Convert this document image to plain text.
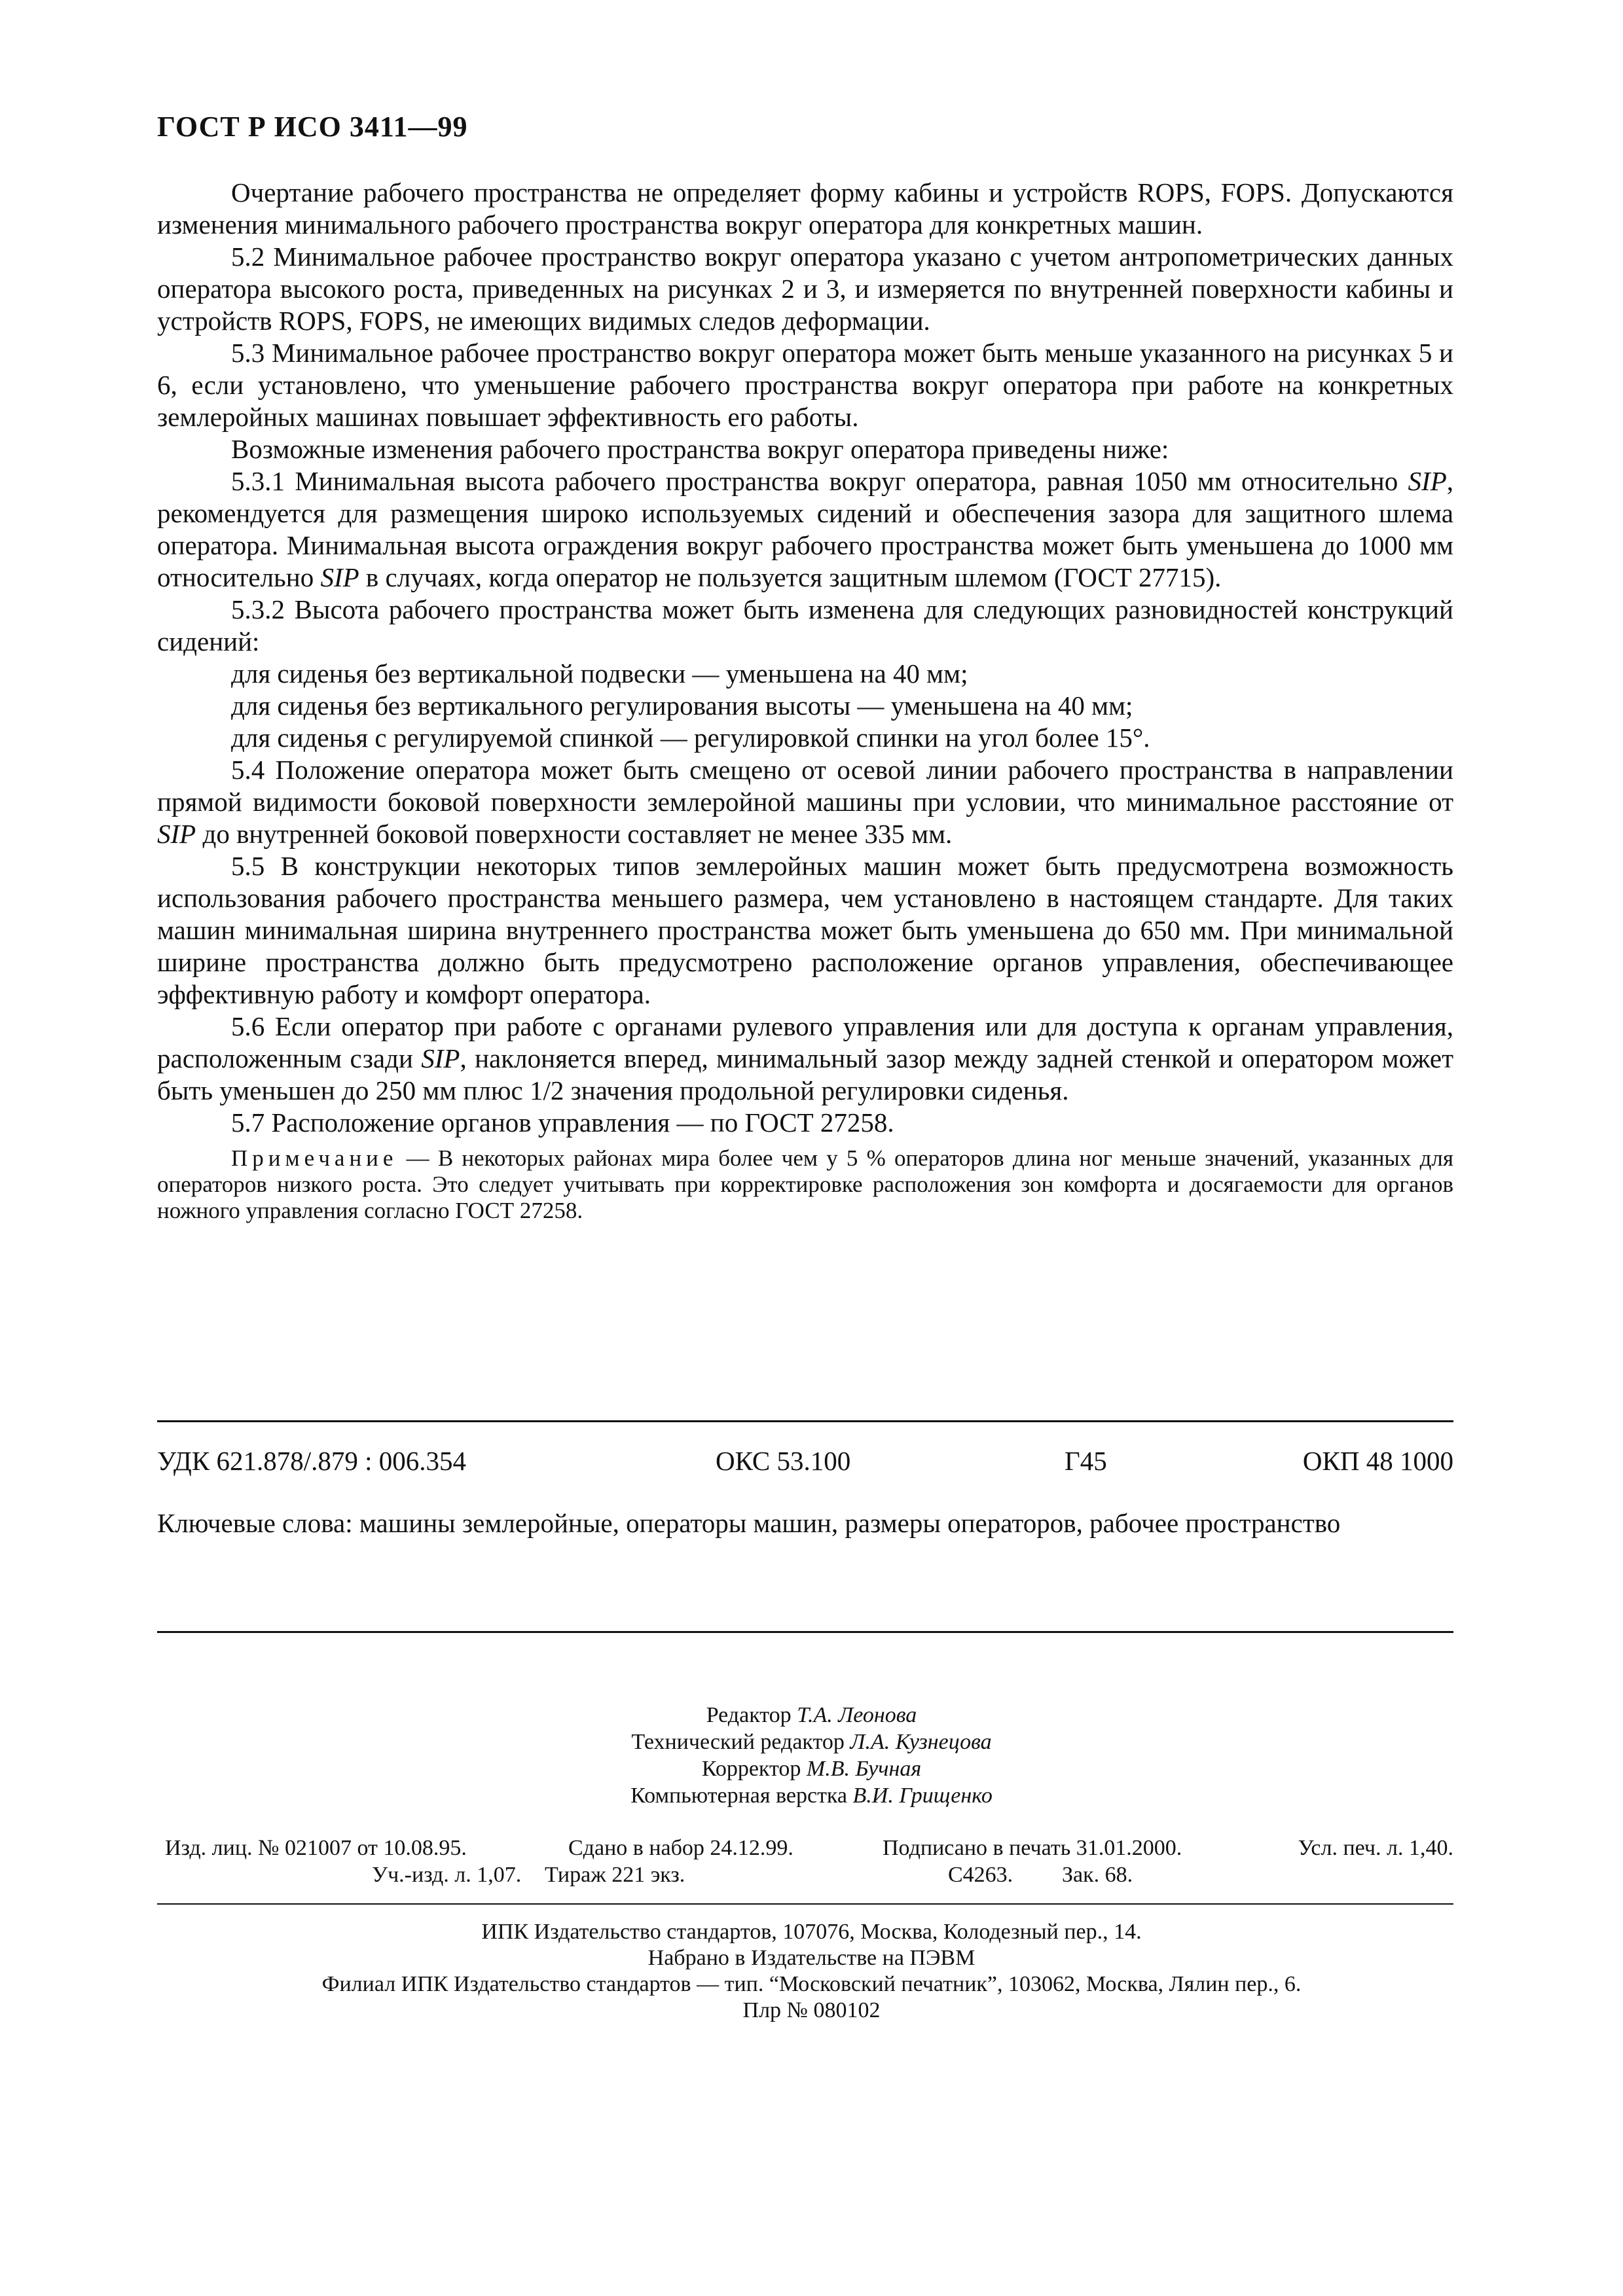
ГОСТ Р ИСО 3411—99

Очертание рабочего пространства не определяет форму кабины и устройств ROPS, FOPS. Допускаются изменения минимального рабочего пространства вокруг оператора для конкретных машин.

5.2 Минимальное рабочее пространство вокруг оператора указано с учетом антропометрических данных оператора высокого роста, приведенных на рисунках 2 и 3, и измеряется по внутренней поверхности кабины и устройств ROPS, FOPS, не имеющих видимых следов деформации.

5.3 Минимальное рабочее пространство вокруг оператора может быть меньше указанного на рисунках 5 и 6, если установлено, что уменьшение рабочего пространства вокруг оператора при работе на конкретных землеройных машинах повышает эффективность его работы.

Возможные изменения рабочего пространства вокруг оператора приведены ниже:

5.3.1 Минимальная высота рабочего пространства вокруг оператора, равная 1050 мм относительно SIP, рекомендуется для размещения широко используемых сидений и обеспечения зазора для защитного шлема оператора. Минимальная высота ограждения вокруг рабочего пространства может быть уменьшена до 1000 мм относительно SIP в случаях, когда оператор не пользуется защитным шлемом (ГОСТ 27715).

5.3.2 Высота рабочего пространства может быть изменена для следующих разновидностей конструкций сидений:

для сиденья без вертикальной подвески — уменьшена на 40 мм;

для сиденья без вертикального регулирования высоты — уменьшена на 40 мм;

для сиденья с регулируемой спинкой — регулировкой спинки на угол более 15°.

5.4 Положение оператора может быть смещено от осевой линии рабочего пространства в направлении прямой видимости боковой поверхности землеройной машины при условии, что минимальное расстояние от SIP до внутренней боковой поверхности составляет не менее 335 мм.

5.5 В конструкции некоторых типов землеройных машин может быть предусмотрена возможность использования рабочего пространства меньшего размера, чем установлено в настоящем стандарте. Для таких машин минимальная ширина внутреннего пространства может быть уменьшена до 650 мм. При минимальной ширине пространства должно быть предусмотрено расположение органов управления, обеспечивающее эффективную работу и комфорт оператора.

5.6 Если оператор при работе с органами рулевого управления или для доступа к органам управления, расположенным сзади SIP, наклоняется вперед, минимальный зазор между задней стенкой и оператором может быть уменьшен до 250 мм плюс 1/2 значения продольной регулировки сиденья.

5.7 Расположение органов управления — по ГОСТ 27258.

Примечание — В некоторых районах мира более чем у 5 % операторов длина ног меньше значений, указанных для операторов низкого роста. Это следует учитывать при корректировке расположения зон комфорта и досягаемости для органов ножного управления согласно ГОСТ 27258.

УДК 621.878/.879 : 006.354	ОКС 53.100	Г45	ОКП 48 1000
Ключевые слова: машины землеройные, операторы машин, размеры операторов, рабочее пространство
Редактор Т.А. Леонова
Технический редактор Л.А. Кузнецова
Корректор М.В. Бучная
Компьютерная верстка В.И. Грищенко
Изд. лиц. № 021007 от 10.08.95.	Сдано в набор 24.12.99.	Подписано в печать 31.01.2000.	Усл. печ. л. 1,40.
Уч.-изд. л. 1,07. Тираж 221 экз.	С4263. Зак. 68.
ИПК Издательство стандартов, 107076, Москва, Колодезный пер., 14.
Набрано в Издательстве на ПЭВМ
Филиал ИПК Издательство стандартов — тип. “Московский печатник”, 103062, Москва, Лялин пер., 6.
Плр № 080102
